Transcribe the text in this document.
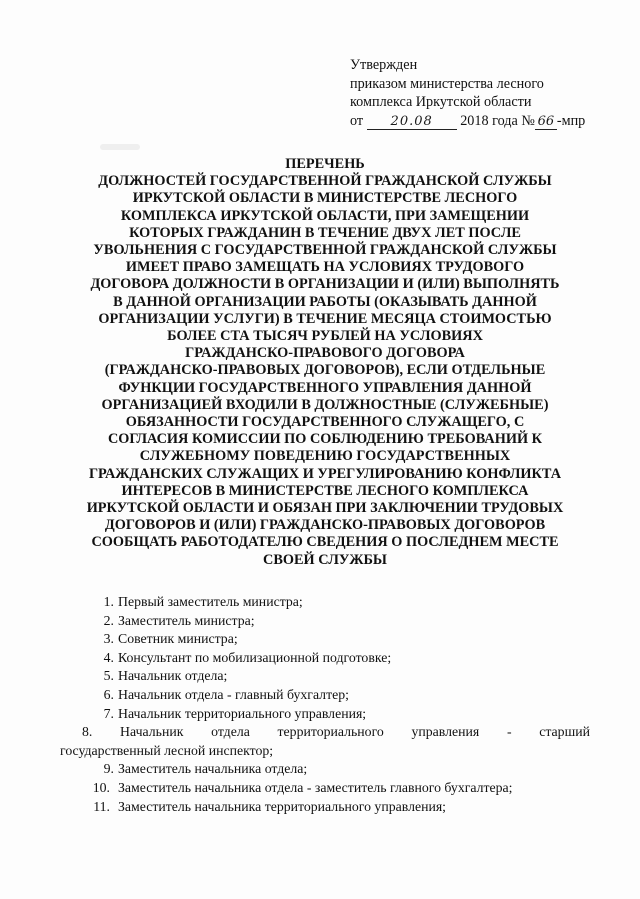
Утвержден
приказом министерства лесного
комплекса Иркутской области
от 20.08 2018 года № 66 -мпр
ПЕРЕЧЕНЬ
ДОЛЖНОСТЕЙ ГОСУДАРСТВЕННОЙ ГРАЖДАНСКОЙ СЛУЖБЫ
ИРКУТСКОЙ ОБЛАСТИ В МИНИСТЕРСТВЕ ЛЕСНОГО
КОМПЛЕКСА ИРКУТСКОЙ ОБЛАСТИ, ПРИ ЗАМЕЩЕНИИ
КОТОРЫХ ГРАЖДАНИН В ТЕЧЕНИЕ ДВУХ ЛЕТ ПОСЛЕ
УВОЛЬНЕНИЯ С ГОСУДАРСТВЕННОЙ ГРАЖДАНСКОЙ СЛУЖБЫ
ИМЕЕТ ПРАВО ЗАМЕЩАТЬ НА УСЛОВИЯХ ТРУДОВОГО
ДОГОВОРА ДОЛЖНОСТИ В ОРГАНИЗАЦИИ И (ИЛИ) ВЫПОЛНЯТЬ
В ДАННОЙ ОРГАНИЗАЦИИ РАБОТЫ (ОКАЗЫВАТЬ ДАННОЙ
ОРГАНИЗАЦИИ УСЛУГИ) В ТЕЧЕНИЕ МЕСЯЦА СТОИМОСТЬЮ
БОЛЕЕ СТА ТЫСЯЧ РУБЛЕЙ НА УСЛОВИЯХ
ГРАЖДАНСКО-ПРАВОВОГО ДОГОВОРА
(ГРАЖДАНСКО-ПРАВОВЫХ ДОГОВОРОВ), ЕСЛИ ОТДЕЛЬНЫЕ
ФУНКЦИИ ГОСУДАРСТВЕННОГО УПРАВЛЕНИЯ ДАННОЙ
ОРГАНИЗАЦИЕЙ ВХОДИЛИ В ДОЛЖНОСТНЫЕ (СЛУЖЕБНЫЕ)
ОБЯЗАННОСТИ ГОСУДАРСТВЕННОГО СЛУЖАЩЕГО, С
СОГЛАСИЯ КОМИССИИ ПО СОБЛЮДЕНИЮ ТРЕБОВАНИЙ К
СЛУЖЕБНОМУ ПОВЕДЕНИЮ ГОСУДАРСТВЕННЫХ
ГРАЖДАНСКИХ СЛУЖАЩИХ И УРЕГУЛИРОВАНИЮ КОНФЛИКТА
ИНТЕРЕСОВ В МИНИСТЕРСТВЕ ЛЕСНОГО КОМПЛЕКСА
ИРКУТСКОЙ ОБЛАСТИ И ОБЯЗАН ПРИ ЗАКЛЮЧЕНИИ ТРУДОВЫХ
ДОГОВОРОВ И (ИЛИ) ГРАЖДАНСКО-ПРАВОВЫХ ДОГОВОРОВ
СООБЩАТЬ РАБОТОДАТЕЛЮ СВЕДЕНИЯ О ПОСЛЕДНЕМ МЕСТЕ
СВОЕЙ СЛУЖБЫ
1. Первый заместитель министра;
2. Заместитель министра;
3. Советник министра;
4. Консультант по мобилизационной подготовке;
5. Начальник отдела;
6. Начальник отдела - главный бухгалтер;
7. Начальник территориального управления;
8. Начальник отдела территориального управления - старший
государственный лесной инспектор;
9. Заместитель начальника отдела;
10. Заместитель начальника отдела - заместитель главного бухгалтера;
11. Заместитель начальника территориального управления;
